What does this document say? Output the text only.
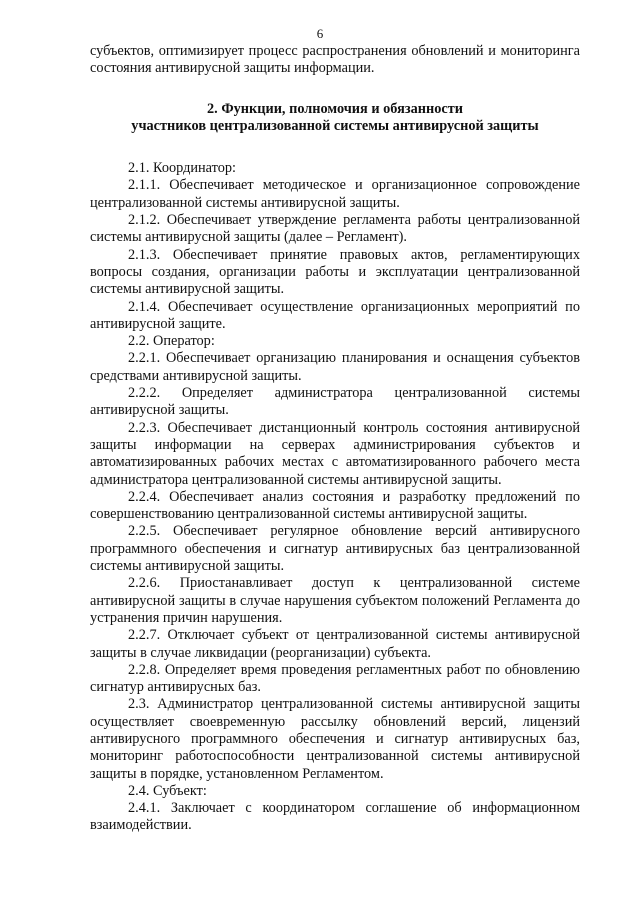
6

субъектов, оптимизирует процесс распространения обновлений и мониторинга состояния антивирусной защиты информации.

2. Функции, полномочия и обязанности
участников централизованной системы антивирусной защиты

2.1. Координатор:

2.1.1. Обеспечивает методическое и организационное сопровождение централизованной системы антивирусной защиты.

2.1.2. Обеспечивает утверждение регламента работы централизованной системы антивирусной защиты (далее – Регламент).

2.1.3. Обеспечивает принятие правовых актов, регламентирующих вопросы создания, организации работы и эксплуатации централизованной системы антивирусной защиты.

2.1.4. Обеспечивает осуществление организационных мероприятий по антивирусной защите.

2.2. Оператор:

2.2.1. Обеспечивает организацию планирования и оснащения субъектов средствами антивирусной защиты.

2.2.2. Определяет администратора централизованной системы антивирусной защиты.

2.2.3. Обеспечивает дистанционный контроль состояния антивирусной защиты информации на серверах администрирования субъектов и автоматизированных рабочих местах с автоматизированного рабочего места администратора централизованной системы антивирусной защиты.

2.2.4. Обеспечивает анализ состояния и разработку предложений по совершенствованию централизованной системы антивирусной защиты.

2.2.5. Обеспечивает регулярное обновление версий антивирусного программного обеспечения и сигнатур антивирусных баз централизованной системы антивирусной защиты.

2.2.6. Приостанавливает доступ к централизованной системе антивирусной защиты в случае нарушения субъектом положений Регламента до устранения причин нарушения.

2.2.7. Отключает субъект от централизованной системы антивирусной защиты в случае ликвидации (реорганизации) субъекта.

2.2.8. Определяет время проведения регламентных работ по обновлению сигнатур антивирусных баз.

2.3. Администратор централизованной системы антивирусной защиты осуществляет своевременную рассылку обновлений версий, лицензий антивирусного программного обеспечения и сигнатур антивирусных баз, мониторинг работоспособности централизованной системы антивирусной защиты в порядке, установленном Регламентом.

2.4. Субъект:

2.4.1. Заключает с координатором соглашение об информационном взаимодействии.
